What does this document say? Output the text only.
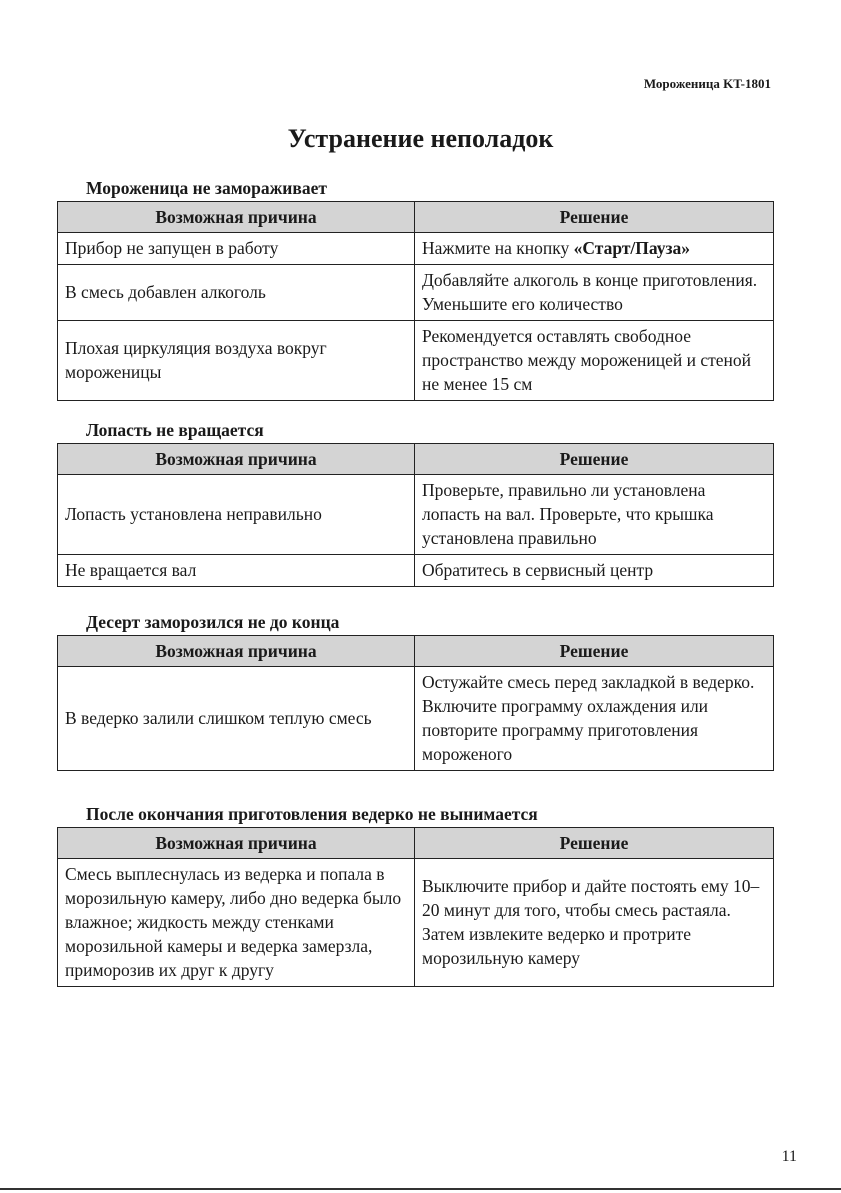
Мороженица KT-1801
Устранение неполадок
Мороженица не замораживает
Возможная причина	Решение
Прибор не запущен в работу	Нажмите на кнопку «Старт/Пауза»
В смесь добавлен алкоголь	Добавляйте алкоголь в конце приготовления. Уменьшите его количество
Плохая циркуляция воздуха вокруг мороженицы	Рекомендуется оставлять свободное пространство между мороженицей и стеной не менее 15 см
Лопасть не вращается
Возможная причина	Решение
Лопасть установлена неправильно	Проверьте, правильно ли установлена лопасть на вал. Проверьте, что крышка установлена правильно
Не вращается вал	Обратитесь в сервисный центр
Десерт заморозился не до конца
Возможная причина	Решение
В ведерко залили слишком теплую смесь	Остужайте смесь перед закладкой в ведерко. Включите программу охлаждения или повторите программу приготовления мороженого
После окончания приготовления ведерко не вынимается
Возможная причина	Решение
Смесь выплеснулась из ведерка и попала в морозильную камеру, либо дно ведерка было влажное; жидкость между стенками морозильной камеры и ведерка замерзла, приморозив их друг к другу	Выключите прибор и дайте постоять ему 10–20 минут для того, чтобы смесь растаяла. Затем извлеките ведерко и протрите морозильную камеру
11
